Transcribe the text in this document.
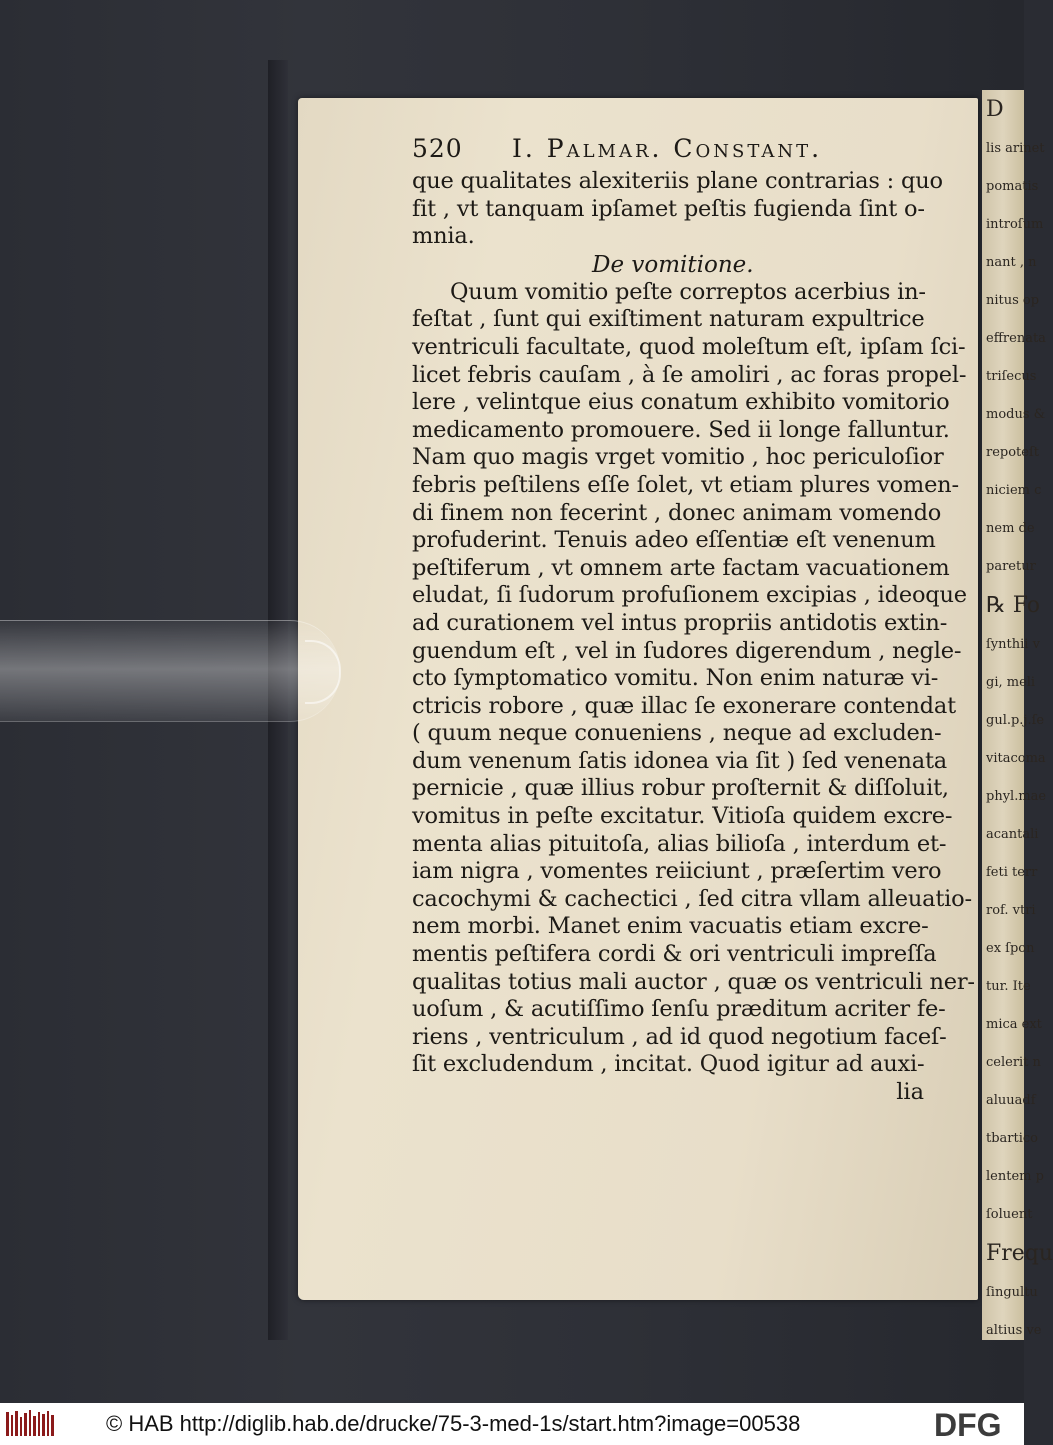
520	I. Palmar. Constant.
que qualitates alexiteriis plane contrarias : quo
fit , vt tanquam ipſamet peſtis fugienda ſint o-
mnia.
De vomitione.
Quum vomitio peſte correptos acerbius in-
feſtat , ſunt qui exiſtiment naturam expultrice
ventriculi facultate, quod moleſtum eſt, ipſam ſci-
licet febris cauſam , à ſe amoliri , ac foras propel-
lere , velintque eius conatum exhibito vomitorio
medicamento promouere. Sed ii longe falluntur.
Nam quo magis vrget vomitio , hoc periculoſior
febris peſtilens eſſe ſolet, vt etiam plures vomen-
di finem non fecerint , donec animam vomendo
profuderint. Tenuis adeo eſſentiæ eſt venenum
peſtiferum , vt omnem arte factam vacuationem
eludat, ſi ſudorum profuſionem excipias , ideoque
ad curationem vel intus propriis antidotis extin-
guendum eſt , vel in ſudores digerendum , negle-
cto ſymptomatico vomitu. Non enim naturæ vi-
ctricis robore , quæ illac ſe exonerare contendat
( quum neque conueniens , neque ad excluden-
dum venenum ſatis idonea via ſit ) ſed venenata
pernicie , quæ illius robur proſternit & diſſoluit,
vomitus in peſte excitatur. Vitioſa quidem excre-
menta alias pituitoſa, alias bilioſa , interdum et-
iam nigra , vomentes reiiciunt , præſertim vero
cacochymi & cachectici , ſed citra vllam alleuatio-
nem morbi. Manet enim vacuatis etiam excre-
mentis peſtifera cordi & ori ventriculi impreſſa
qualitas totius mali auctor , quæ os ventriculi ner-
uoſum , & acutiſſimo ſenſu præditum acriter fe-
riens , ventriculum , ad id quod negotium faceſ-
ſit excludendum , incitat. Quod igitur ad auxi-
lia
D
lis arinet
pomatis
introſum
nant , n
nitus op
effrenata
triſecus
modus &
repoteſt
niciem c
nem de
paretur
℞ Fo
ſynthii v
gi, meli
gul.p.j.ſe
vitacoma
phyl.mae
acantali
feti terr
rof. vtri
ex ſpon
tur. Ite
mica ext
celerit n
aluuadf
tbartico
lentem p
ſoluent
Frequ
ſingultu
altius ve
© HAB http://diglib.hab.de/drucke/75-3-med-1s/start.htm?image=00538	DFG
